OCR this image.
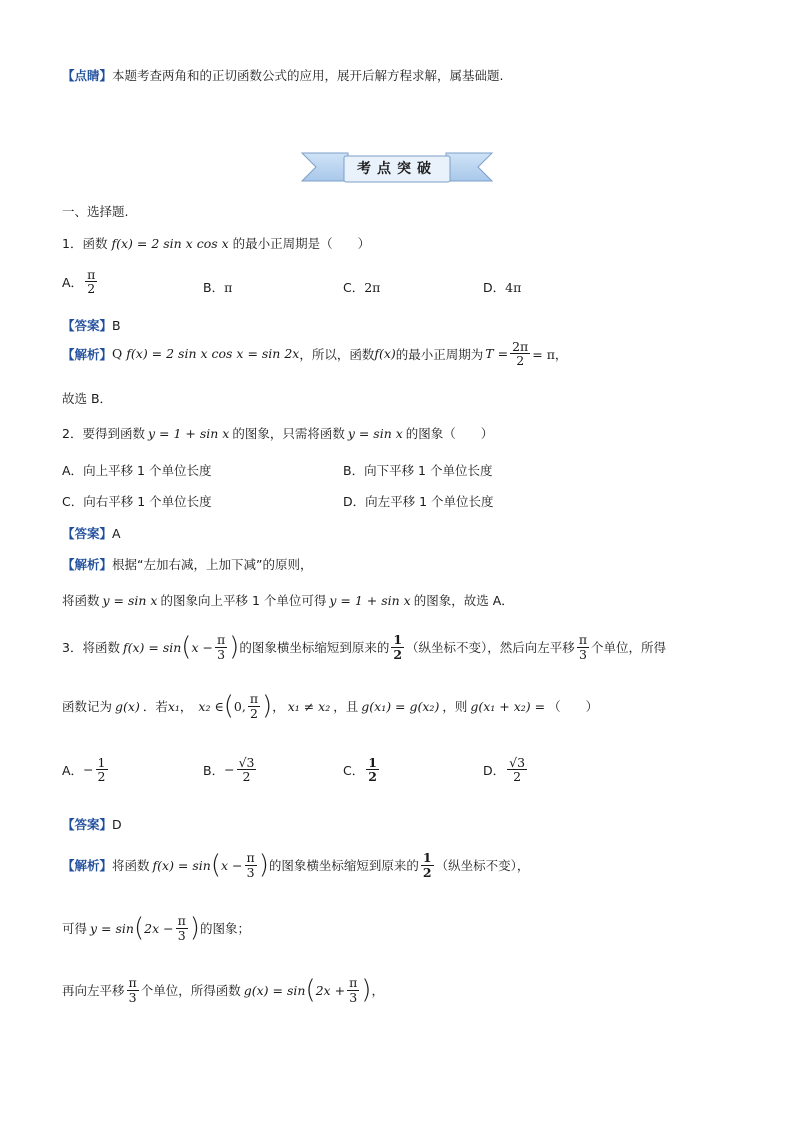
【点睛】本题考查两角和的正切函数公式的应用，展开后解方程求解，属基础题.
考点突破
一、选择题.
1． 函数 f(x) = 2 sin x cos x 的最小正周期是（　　）
A． $\frac{\pi}{2}$	B． π	C． 2π	D． 4π
【答案】B
【解析】 Q f(x) = 2 sin x cos x = sin 2x ，所以，函数 f(x) 的最小正周期为 $T = \frac{2\pi}{2} = \pi$，
故选 B．
2． 要得到函数 y = 1 + sin x 的图象，只需将函数 y = sin x 的图象（　　）
A．向上平移 1 个单位长度	B．向下平移 1 个单位长度
C．向右平移 1 个单位长度	D．向左平移 1 个单位长度
【答案】A
【解析】根据“左加右减，上加下减”的原则，
将函数 y = sin x 的图象向上平移 1 个单位可得 y = 1 + sin x 的图象，故选 A．
3． 将函数 f(x) = sin ( $x - \frac{\pi}{3}$ ) 的图象横坐标缩短到原来的 $\frac{1}{2}$ （纵坐标不变），然后向左平移 $\frac{\pi}{3}$ 个单位，所得
函数记为 g(x) ．若 x₁ ， x₂ ∈ ( 0, $\frac{\pi}{2}$ ) ， x₁ ≠ x₂ ，且 g(x₁) = g(x₂) ，则 g(x₁ + x₂) = （　　）
A． − $\frac{1}{2}$	B． − $\frac{√3}{2}$	C． $\frac{1}{2}$	D． $\frac{√3}{2}$
【答案】D
【解析】 将函数 f(x) = sin ( $x - \frac{\pi}{3}$ ) 的图象横坐标缩短到原来的 $\frac{1}{2}$ （纵坐标不变），
可得 y = sin ( $2x - \frac{\pi}{3}$ ) 的图象；
再向左平移 $\frac{\pi}{3}$ 个单位，所得函数 g(x) = sin ( $2x + \frac{\pi}{3}$ ) ，
